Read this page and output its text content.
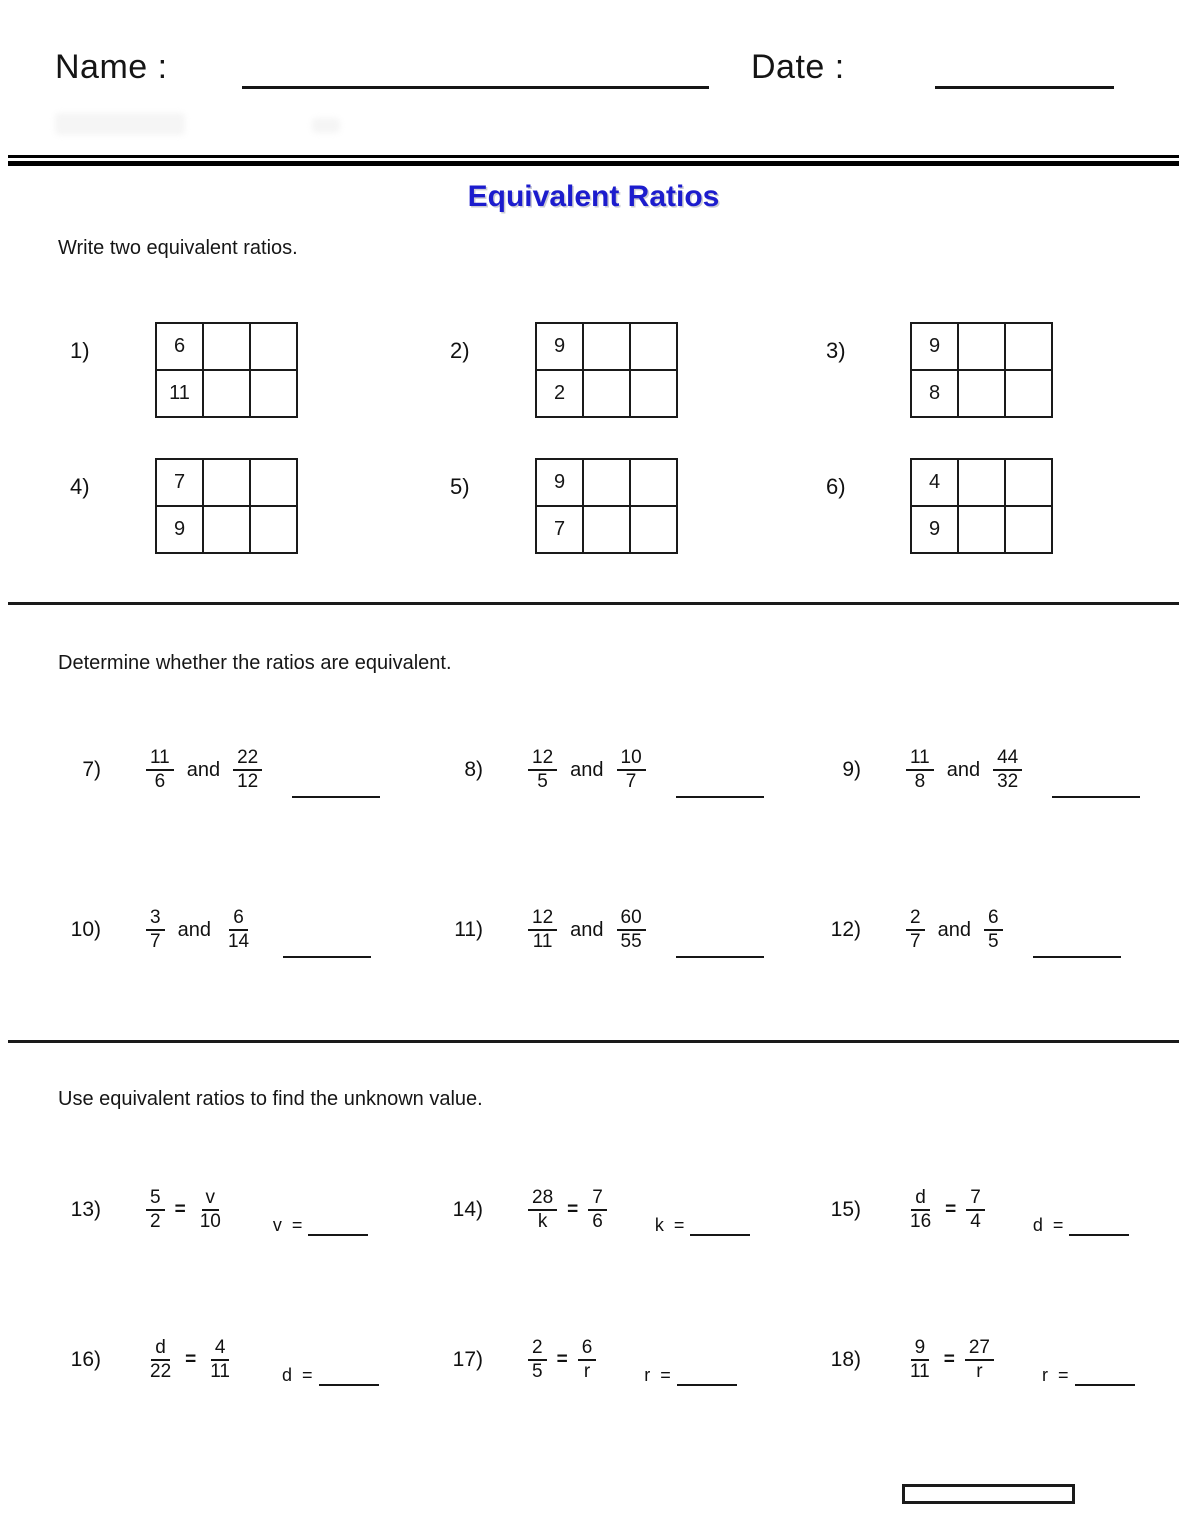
Name :	Date :
Equivalent Ratios
Write two equivalent ratios.
1)	6		
11		
2)	9		
2		
3)	9		
8		
4)	7		
9		
5)	9		
7		
6)	4		
9		
Determine whether the ratios are equivalent.
$7) \frac{11}{6}$ and $\frac{22}{12}$	$8) \frac{12}{5}$ and $\frac{10}{7}$	$9) \frac{11}{8}$ and $\frac{44}{32}$
$10) \frac{3}{7}$ and $\frac{6}{14}$	$11) \frac{12}{11}$ and $\frac{60}{55}$	$12) \frac{2}{7}$ and $\frac{6}{5}$
Use equivalent ratios to find the unknown value.
$13) \frac{5}{2} = \frac{v}{10}$	v  =
$14) \frac{28}{k} = \frac{7}{6}$	k  =
$15) \frac{d}{16} = \frac{7}{4}$	d  =
$16) \frac{d}{22} = \frac{4}{11}$	d  =
$17) \frac{2}{5} = \frac{6}{r}$	r  =
$18) \frac{9}{11} = \frac{27}{r}$	r  =
